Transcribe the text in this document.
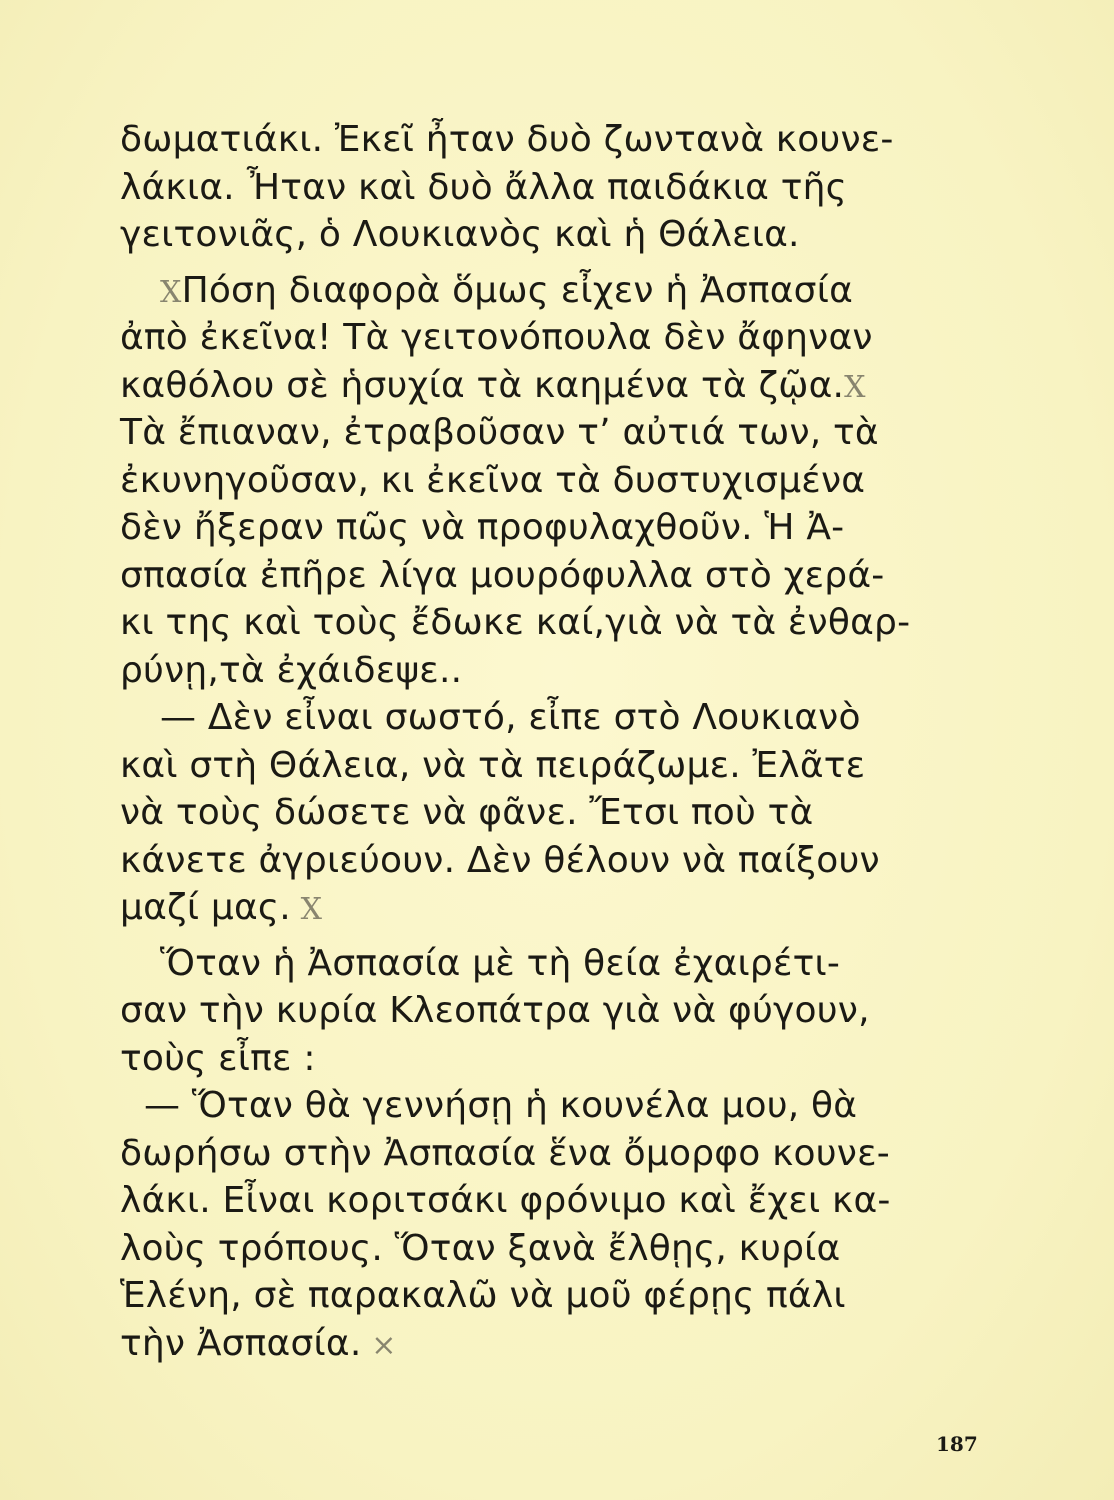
δωματιάκι. Ἐκεῖ ἦταν δυὸ ζωντανὰ κουνε-
λάκια. Ἦταν καὶ δυὸ ἄλλα παιδάκια τῆς
γειτονιᾶς, ὁ Λουκιανὸς καὶ ἡ Θάλεια.
XΠόση διαφορὰ ὅμως εἶχεν ἡ Ἀσπασία
ἀπὸ ἐκεῖνα! Τὰ γειτονόπουλα δὲν ἄφηναν
καθόλου σὲ ἡσυχία τὰ καημένα τὰ ζῷα.X
Τὰ ἔπιαναν, ἐτραβοῦσαν τ’ αὐτιά των, τὰ
ἐκυνηγοῦσαν, κι ἐκεῖνα τὰ δυστυχισμένα
δὲν ἤξεραν πῶς νὰ προφυλαχθοῦν. Ἡ Ἀ-
σπασία ἐπῆρε λίγα μουρόφυλλα στὸ χερά-
κι της καὶ τοὺς ἔδωκε καί,γιὰ νὰ τὰ ἐνθαρ-
ρύνῃ,τὰ ἐχάιδεψε..
— Δὲν εἶναι σωστό, εἶπε στὸ Λουκιανὸ
καὶ στὴ Θάλεια, νὰ τὰ πειράζωμε. Ἐλᾶτε
νὰ τοὺς δώσετε νὰ φᾶνε. Ἔτσι ποὺ τὰ
κάνετε ἀγριεύουν. Δὲν θέλουν νὰ παίξουν
μαζί μας. X
Ὅταν ἡ Ἀσπασία μὲ τὴ θεία ἐχαιρέτι-
σαν τὴν κυρία Κλεοπάτρα γιὰ νὰ φύγουν,
τοὺς εἶπε :
— Ὅταν θὰ γεννήσῃ ἡ κουνέλα μου, θὰ
δωρήσω στὴν Ἀσπασία ἕνα ὄμορφο κουνε-
λάκι. Εἶναι κοριτσάκι φρόνιμο καὶ ἔχει κα-
λοὺς τρόπους. Ὅταν ξανὰ ἔλθῃς, κυρία
Ἑλένη, σὲ παρακαλῶ νὰ μοῦ φέρῃς πάλι
τὴν Ἀσπασία. ×
187
